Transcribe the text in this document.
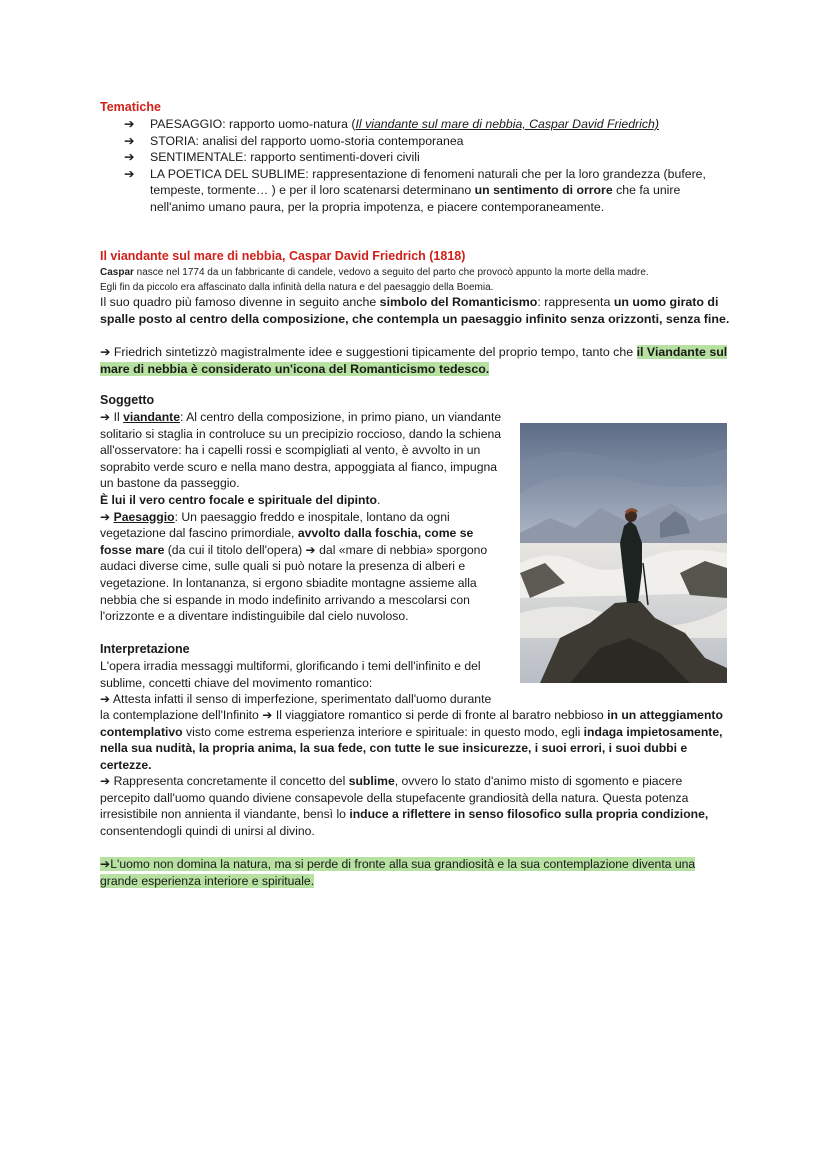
Tematiche
➔ PAESAGGIO: rapporto uomo-natura (Il viandante sul mare di nebbia, Caspar David Friedrich)
➔ STORIA: analisi del rapporto uomo-storia contemporanea
➔ SENTIMENTALE: rapporto sentimenti-doveri civili
➔ LA POETICA DEL SUBLIME: rappresentazione di fenomeni naturali che per la loro grandezza (bufere, tempeste, tormente… ) e per il loro scatenarsi determinano un sentimento di orrore che fa unire nell'animo umano paura, per la propria impotenza, e piacere contemporaneamente.
Il viandante sul mare di nebbia, Caspar David Friedrich (1818)
Caspar nasce nel 1774 da un fabbricante di candele, vedovo a seguito del parto che provocò appunto la morte della madre.
Egli fin da piccolo era affascinato dalla infinità della natura e del paesaggio della Boemia.
Il suo quadro più famoso divenne in seguito anche simbolo del Romanticismo: rappresenta un uomo girato di spalle posto al centro della composizione, che contempla un paesaggio infinito senza orizzonti, senza fine.
➔ Friedrich sintetizzò magistralmente idee e suggestioni tipicamente del proprio tempo, tanto che il Viandante sul mare di nebbia è considerato un'icona del Romanticismo tedesco.
Soggetto
➔ Il viandante: Al centro della composizione, in primo piano, un viandante solitario si staglia in controluce su un precipizio roccioso, dando la schiena all'osservatore: ha i capelli rossi e scompigliati al vento, è avvolto in un soprabito verde scuro e nella mano destra, appoggiata al fianco, impugna un bastone da passeggio.
È lui il vero centro focale e spirituale del dipinto.
➔ Paesaggio: Un paesaggio freddo e inospitale, lontano da ogni vegetazione dal fascino primordiale, avvolto dalla foschia, come se fosse mare (da cui il titolo dell'opera) ➔ dal «mare di nebbia» sporgono audaci diverse cime, sulle quali si può notare la presenza di alberi e vegetazione. In lontananza, si ergono sbiadite montagne assieme alla nebbia che si espande in modo indefinito arrivando a mescolarsi con l'orizzonte e a diventare indistinguibile dal cielo nuvoloso.
Interpretazione
L'opera irradia messaggi multiformi, glorificando i temi dell'infinito e del sublime, concetti chiave del movimento romantico:
➔ Attesta infatti il senso di imperfezione, sperimentato dall'uomo durante
la contemplazione dell'Infinito ➔ Il viaggiatore romantico si perde di fronte al baratro nebbioso in un atteggiamento contemplativo visto come estrema esperienza interiore e spirituale: in questo modo, egli indaga impietosamente, nella sua nudità, la propria anima, la sua fede, con tutte le sue insicurezze, i suoi errori, i suoi dubbi e certezze.
➔ Rappresenta concretamente il concetto del sublime, ovvero lo stato d'animo misto di sgomento e piacere percepito dall'uomo quando diviene consapevole della stupefacente grandiosità della natura. Questa potenza irresistibile non annienta il viandante, bensì lo induce a riflettere in senso filosofico sulla propria condizione, consentendogli quindi di unirsi al divino.
➔L'uomo non domina la natura, ma si perde di fronte alla sua grandiosità e la sua contemplazione diventa una grande esperienza interiore e spirituale.
